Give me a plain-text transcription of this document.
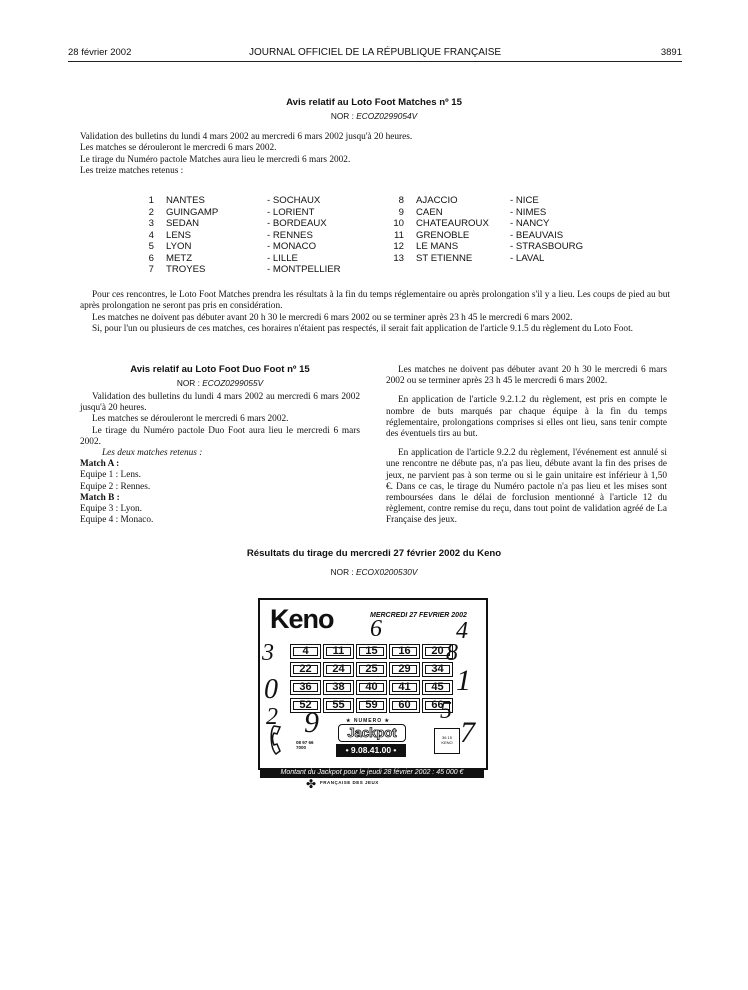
28 février 2002	JOURNAL OFFICIEL DE LA RÉPUBLIQUE FRANÇAISE	3891
Avis relatif au Loto Foot Matches nº 15
NOR : ECOZ0299054V

Validation des bulletins du lundi 4 mars 2002 au mercredi 6 mars 2002 jusqu'à 20 heures.

Les matches se dérouleront le mercredi 6 mars 2002.

Le tirage du Numéro pactole Matches aura lieu le mercredi 6 mars 2002.

Les treize matches retenus :

1 NANTES	- SOCHAUX
2 GUINGAMP	- LORIENT
3 SEDAN	- BORDEAUX
4 LENS	- RENNES
5 LYON	- MONACO
6 METZ	- LILLE
7 TROYES	- MONTPELLIER
8 AJACCIO	- NICE
9 CAEN	- NIMES
10 CHATEAUROUX - NANCY
11 GRENOBLE	- BEAUVAIS
12 LE MANS	- STRASBOURG
13 ST ETIENNE	- LAVAL

Pour ces rencontres, le Loto Foot Matches prendra les résultats à la fin du temps réglementaire ou après prolongation s'il y a lieu. Les coups de pied au but après prolongation ne seront pas pris en considération.

Les matches ne doivent pas débuter avant 20 h 30 le mercredi 6 mars 2002 ou se terminer après 23 h 45 le mercredi 6 mars 2002.

Si, pour l'un ou plusieurs de ces matches, ces horaires n'étaient pas respectés, il serait fait application de l'article 9.1.5 du règlement du Loto Foot.

Avis relatif au Loto Foot Duo Foot nº 15
NOR : ECOZ0299055V

Validation des bulletins du lundi 4 mars 2002 au mercredi 6 mars 2002 jusqu'à 20 heures.

Les matches se dérouleront le mercredi 6 mars 2002.

Le tirage du Numéro pactole Duo Foot aura lieu le mercredi 6 mars 2002.

Les deux matches retenus :

Match A :

Equipe 1 : Lens.

Equipe 2 : Rennes.

Match B :

Equipe 3 : Lyon.

Equipe 4 : Monaco.

Les matches ne doivent pas débuter avant 20 h 30 le mercredi 6 mars 2002 ou se terminer après 23 h 45 le mercredi 6 mars 2002.

En application de l'article 9.2.1.2 du règlement, est pris en compte le nombre de buts marqués par chaque équipe à la fin du temps réglementaire, prolongations comprises si elles ont lieu, sans tenir compte des éventuels tirs au but.

En application de l'article 9.2.2 du règlement, l'événement est annulé si une rencontre ne débute pas, n'a pas lieu, débute avant la fin des prises de jeux, ne parvient pas à son terme ou si le gain unitaire est inférieur à 1,50 €. Dans ce cas, le tirage du Numéro pactole n'a pas lieu et les mises sont remboursées dans le délai de forclusion mentionné à l'article 12 du règlement, contre remise du reçu, dans tout point de validation agréé de La Française des jeux.

Résultats du tirage du mercredi 27 février 2002 du Keno
NOR : ECOX0200530V
Keno	MERCREDI 27 FEVRIER 2002
6	4
3	8
0	1
2 9	5
7
4	11	15	16	20
22	24	25	29	34
36	38	40	41	45
52	55	59	60	66
08 97 66
7000
★ NUMERO ★
Jackpot
• 9.08.41.00 •
36 15
KENO
Montant du Jackpot pour le jeudi 28 février 2002 : 45 000 €
✤ FRANÇAISE DES JEUX
